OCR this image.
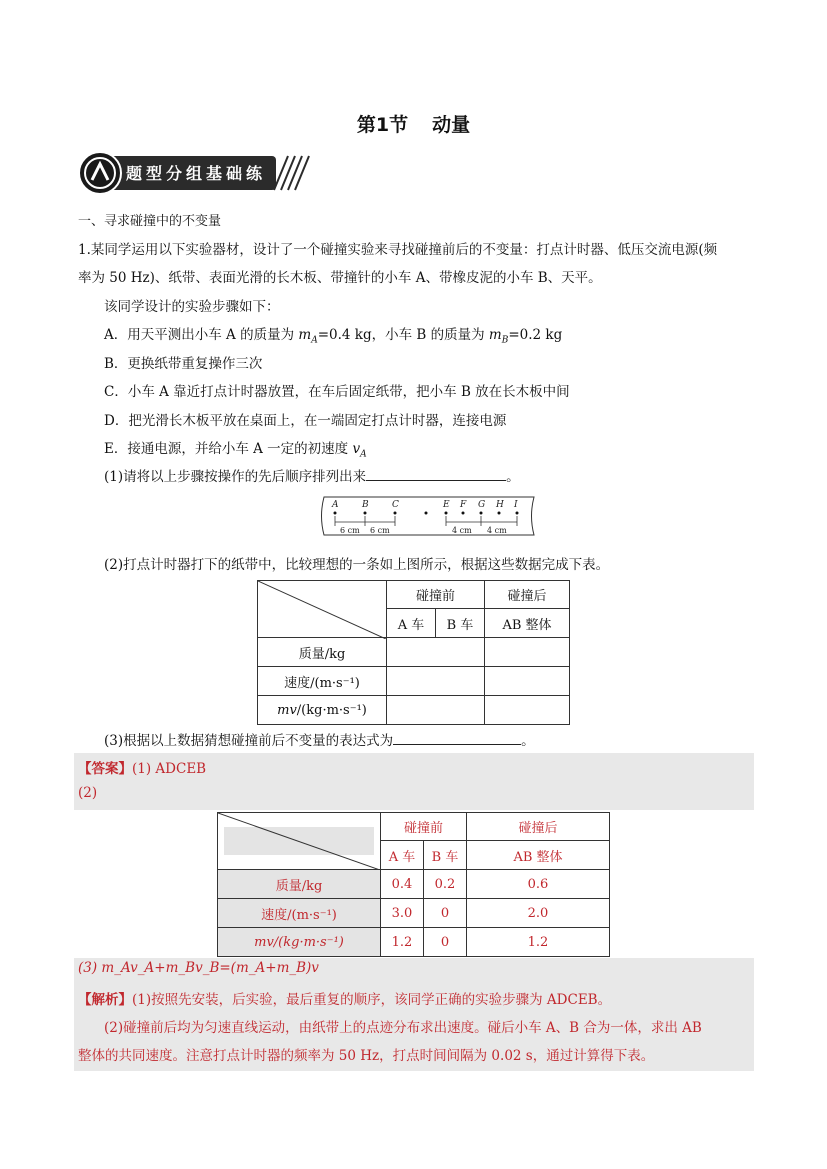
第1节 动量
题型分组基础练
一、寻求碰撞中的不变量
1.某同学运用以下实验器材，设计了一个碰撞实验来寻找碰撞前后的不变量：打点计时器、低压交流电源(频
率为 50 Hz)、纸带、表面光滑的长木板、带撞针的小车 A、带橡皮泥的小车 B、天平。
该同学设计的实验步骤如下：
A．用天平测出小车 A 的质量为 $m_A=0.4$ kg，小车 B 的质量为 $m_B=0.2$ kg
B．更换纸带重复操作三次
C．小车 A 靠近打点计时器放置，在车后固定纸带，把小车 B 放在长木板中间
D．把光滑长木板平放在桌面上，在一端固定打点计时器，连接电源
E．接通电源，并给小车 A 一定的初速度 $v_A$
(1)请将以上步骤按操作的先后顺序排列出来	。
A	B	C	E F G H I
6 cm 6 cm	4 cm 4 cm
(2)打点计时器打下的纸带中，比较理想的一条如上图所示，根据这些数据完成下表。
	碰撞前		碰撞后
	A 车	B 车	AB 整体
质量/kg			
速度/(m·s⁻¹)			
mv/(kg·m·s⁻¹)			
(3)根据以上数据猜想碰撞前后不变量的表达式为	。
【答案】(1) ADCEB
(2)
	碰撞前		碰撞后
	A 车	B 车	AB 整体
质量/kg	0.4	0.2	0.6
速度/(m·s⁻¹)	3.0	0	2.0
mv/(kg·m·s⁻¹)	1.2	0	1.2
(3) m_Av_A+m_Bv_B=(m_A+m_B)v
【解析】(1)按照先安装，后实验，最后重复的顺序，该同学正确的实验步骤为 ADCEB。
(2)碰撞前后均为匀速直线运动，由纸带上的点迹分布求出速度。碰后小车 A、B 合为一体，求出 AB
整体的共同速度。注意打点计时器的频率为 50 Hz，打点时间间隔为 0.02 s，通过计算得下表。
